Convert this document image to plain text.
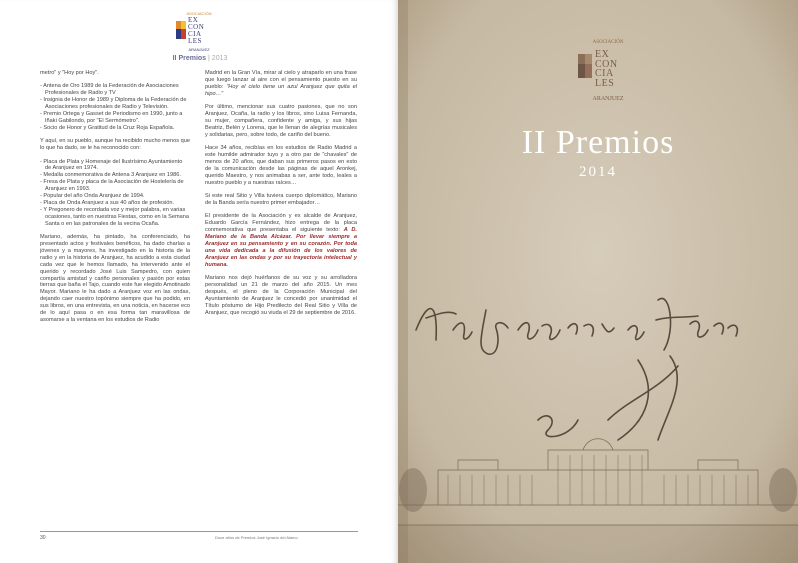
ASOCIACIÓN
EX
CON
CIA
LES
ARANJUEZ
II Premios | 2013

metro" y "Hoy por Hoy".

- Antena de Oro 1989 de la Federación de Asociaciones Profesionales de Radio y TV
- Insignia de Honor de 1989 y Diploma de la Federación de Asociaciones profesionales de Radio y Televisión.
- Premio Ortega y Gasset de Periodismo en 1990, junto a Iñaki Gabilondo, por "El Sermómetro".
- Socio de Honor y Gratitud de la Cruz Roja Española.

Y aquí, en su pueblo, aunque ha recibido mucho menos que lo que ha dado, se le ha reconocido con:

- Placa de Plata y Homenaje del Ilustrísimo Ayuntamiento de Aranjuez en 1974.
- Medalla conmemorativa de Antena 3 Aranjuez en 1986.
- Fresa de Plata y placa de la Asociación de Hostelería de Aranjuez en 1993.
- Popular del año Onda Aranjuez de 1994.
- Placa de Onda Aranjuez a sus 40 años de profesión.
- Y Pregonero de recordada voz y mejor palabra, en varias ocasiones, tanto en nuestras Fiestas, como en la Semana Santa o en las patronales de la vecina Ocaña.

Mariano, además, ha pintado, ha conferenciado, ha presentado actos y festivales benéficos, ha dado charlas a jóvenes y a mayores, ha investigado en la historia de la radio y en la historia de Aranjuez, ha acudido a esta ciudad cada vez que le hemos llamado, ha intervenido ante el querido y recordado José Luis Sampedro, con quien compartía amistad y cariño personales y pasión por estas tierras que baña el Tajo, cuando este fue elegido Amotinado Mayor. Mariano le ha dado a Aranjuez voz en las ondas, dejando caer nuestro topónimo siempre que ha podido, en sus libros, en una entrevista, en una noticia, en hacerse eco de lo aquí pasa o en esa forma tan maravillosa de asomarse a la ventana en los estudios de Radio

Madrid en la Gran Vía, mirar al cielo y atraparlo en una frase que luego lanzar al aire con el pensamiento puesto en su pueblo: "Hoy el cielo tiene un azul Aranjuez que quita el hipo…"

Por último, mencionar sus cuatro pasiones, que no son Aranjuez, Ocaña, la radio y los libros, sino Luisa Fernanda, su mujer, compañera, confidente y amiga, y sus hijas Beatriz, Belén y Lorena, que le llenan de alegrías musicales y solidarias, pero, sobre todo, de cariño del bueno.

Hace 34 años, recibías en los estudios de Radio Madrid a este humilde admirador tuyo y a otro par de "chavales" de menos de 20 años, que daban sus primeros pasos en esto de la comunicación desde las páginas de aquel Aronkej, querido Maestro, y nos animabas a ser, ante todo, leales a nuestro pueblo y a nuestras raíces…

Si este real Sitio y Villa tuviera cuerpo diplomático, Mariano de la Banda sería nuestro primer embajador…

El presidente de la Asociación y ex alcalde de Aranjuez, Eduardo García Fernández, hizo entrega de la placa conmemorativa que presentaba el siguiente texto: A D. Mariano de la Banda Alcázar. Por llevar siempre a Aranjuez en su pensamiento y en su corazón. Por toda una vida dedicada a la difusión de los valores de Aranjuez en las ondas y por su trayectoria intelectual y humana.

Mariano nos dejó huérfanos de su voz y su arrolladora personalidad un 21 de marzo del año 2015. Un mes después, el pleno de la Corporación Municipal del Ayuntamiento de Aranjuez le concedió por unanimidad el Título póstumo de Hijo Predilecto del Real Sitio y Villa de Aranjuez, que recogió su viuda el 29 de septiembre de 2016.

30	Doce años de Premios José Ignacio del Alamo
ASOCIACIÓN
EX
CON
CIA
LES
ARANJUEZ
II Premios
2014
